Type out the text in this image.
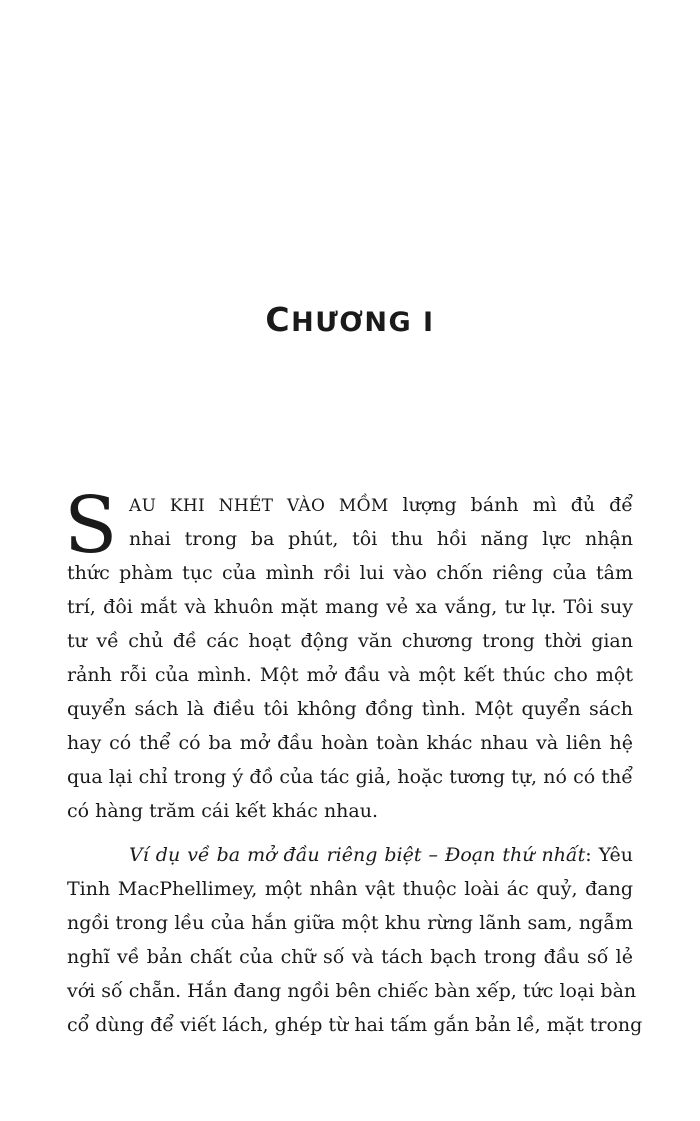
CHƯƠNG I
S AU KHI NHÉT VÀO MỒM lượng bánh mì đủ để
nhai trong ba phút, tôi thu hồi năng lực nhận
thức phàm tục của mình rồi lui vào chốn riêng của tâm
trí, đôi mắt và khuôn mặt mang vẻ xa vắng, tư lự. Tôi suy
tư về chủ đề các hoạt động văn chương trong thời gian
rảnh rỗi của mình. Một mở đầu và một kết thúc cho một
quyển sách là điều tôi không đồng tình. Một quyển sách
hay có thể có ba mở đầu hoàn toàn khác nhau và liên hệ
qua lại chỉ trong ý đồ của tác giả, hoặc tương tự, nó có thể
có hàng trăm cái kết khác nhau.
Ví dụ về ba mở đầu riêng biệt – Đoạn thứ nhất: Yêu
Tinh MacPhellimey, một nhân vật thuộc loài ác quỷ, đang
ngồi trong lều của hắn giữa một khu rừng lãnh sam, ngẫm
nghĩ về bản chất của chữ số và tách bạch trong đầu số lẻ
với số chẵn. Hắn đang ngồi bên chiếc bàn xếp, tức loại bàn
cổ dùng để viết lách, ghép từ hai tấm gắn bản lề, mặt trong
